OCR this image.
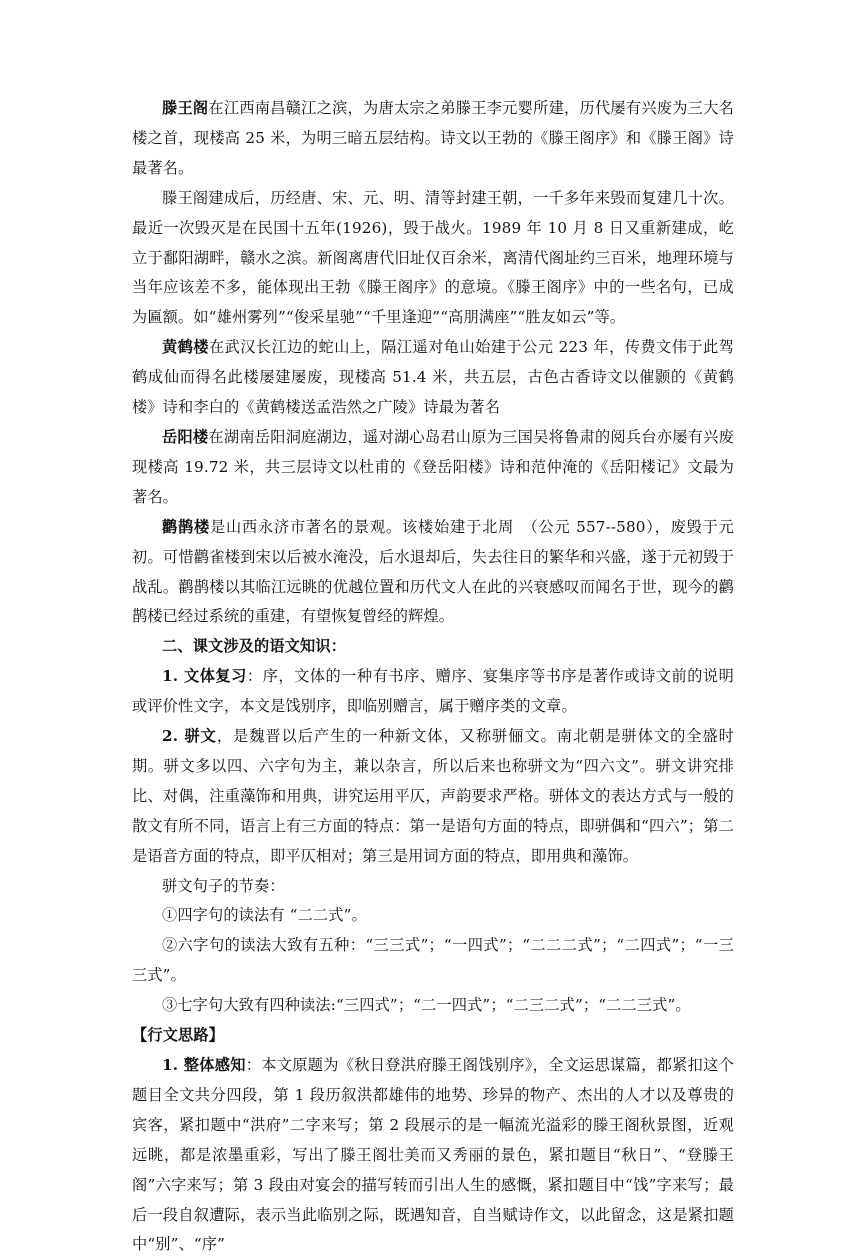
滕王阁在江西南昌赣江之滨，为唐太宗之弟滕王李元婴所建，历代屡有兴废为三大名楼之首，现楼高 25 米，为明三暗五层结构。诗文以王勃的《滕王阁序》和《滕王阁》诗最著名。

滕王阁建成后，历经唐、宋、元、明、清等封建王朝，一千多年来毁而复建几十次。最近一次毁灭是在民国十五年(1926)，毁于战火。1989 年 10 月 8 日又重新建成，屹立于鄱阳湖畔，赣水之滨。新阁离唐代旧址仅百余米，离清代阁址约三百米，地理环境与当年应该差不多，能体现出王勃《滕王阁序》的意境。《滕王阁序》中的一些名句，已成为匾额。如“雄州雾列”“俊采星驰”“千里逢迎”“高朋满座”“胜友如云”等。

黄鹤楼在武汉长江边的蛇山上，隔江遥对龟山始建于公元 223 年，传费文伟于此驾鹤成仙而得名此楼屡建屡废，现楼高 51.4 米，共五层，古色古香诗文以催颢的《黄鹤楼》诗和李白的《黄鹤楼送孟浩然之广陵》诗最为著名

岳阳楼在湖南岳阳洞庭湖边，遥对湖心岛君山原为三国吴将鲁肃的阅兵台亦屡有兴废现楼高 19.72 米，共三层诗文以杜甫的《登岳阳楼》诗和范仲淹的《岳阳楼记》文最为著名。

鹳鹊楼是山西永济市著名的景观。该楼始建于北周　（公元 557--580），废毁于元初。可惜鹳雀楼到宋以后被水淹没，后水退却后，失去往日的繁华和兴盛，遂于元初毁于战乱。鹳鹊楼以其临江远眺的优越位置和历代文人在此的兴衰感叹而闻名于世，现今的鹳鹊楼已经过系统的重建，有望恢复曾经的辉煌。

二、课文涉及的语文知识：

1. 文体复习：序，文体的一种有书序、赠序、宴集序等书序是著作或诗文前的说明或评价性文字，本文是饯别序，即临别赠言，属于赠序类的文章。

2. 骈文，是魏晋以后产生的一种新文体，又称骈俪文。南北朝是骈体文的全盛时期。骈文多以四、六字句为主，兼以杂言，所以后来也称骈文为“四六文”。骈文讲究排比、对偶，注重藻饰和用典，讲究运用平仄，声韵要求严格。骈体文的表达方式与一般的散文有所不同，语言上有三方面的特点：第一是语句方面的特点，即骈偶和“四六”；第二是语音方面的特点，即平仄相对；第三是用词方面的特点，即用典和藻饰。

骈文句子的节奏：

①四字句的读法有 “二二式”。

②六字句的读法大致有五种：“三三式”；“一四式”；“二二二式”；“二四式”；“一三三式”。

③七字句大致有四种读法:“三四式”；“二一四式”；“二三二式”；“二二三式”。

【行文思路】

1. 整体感知：本文原题为《秋日登洪府滕王阁饯别序》，全文运思谋篇，都紧扣这个题目全文共分四段，第 1 段历叙洪都雄伟的地势、珍异的物产、杰出的人才以及尊贵的宾客，紧扣题中“洪府”二字来写；第 2 段展示的是一幅流光溢彩的滕王阁秋景图，近观远眺，都是浓墨重彩，写出了滕王阁壮美而又秀丽的景色，紧扣题目“秋日”、“登滕王阁”六字来写；第 3 段由对宴会的描写转而引出人生的感慨，紧扣题目中“饯”字来写；最后一段自叙遭际，表示当此临别之际，既遇知音，自当赋诗作文，以此留念，这是紧扣题中“别”、“序”
